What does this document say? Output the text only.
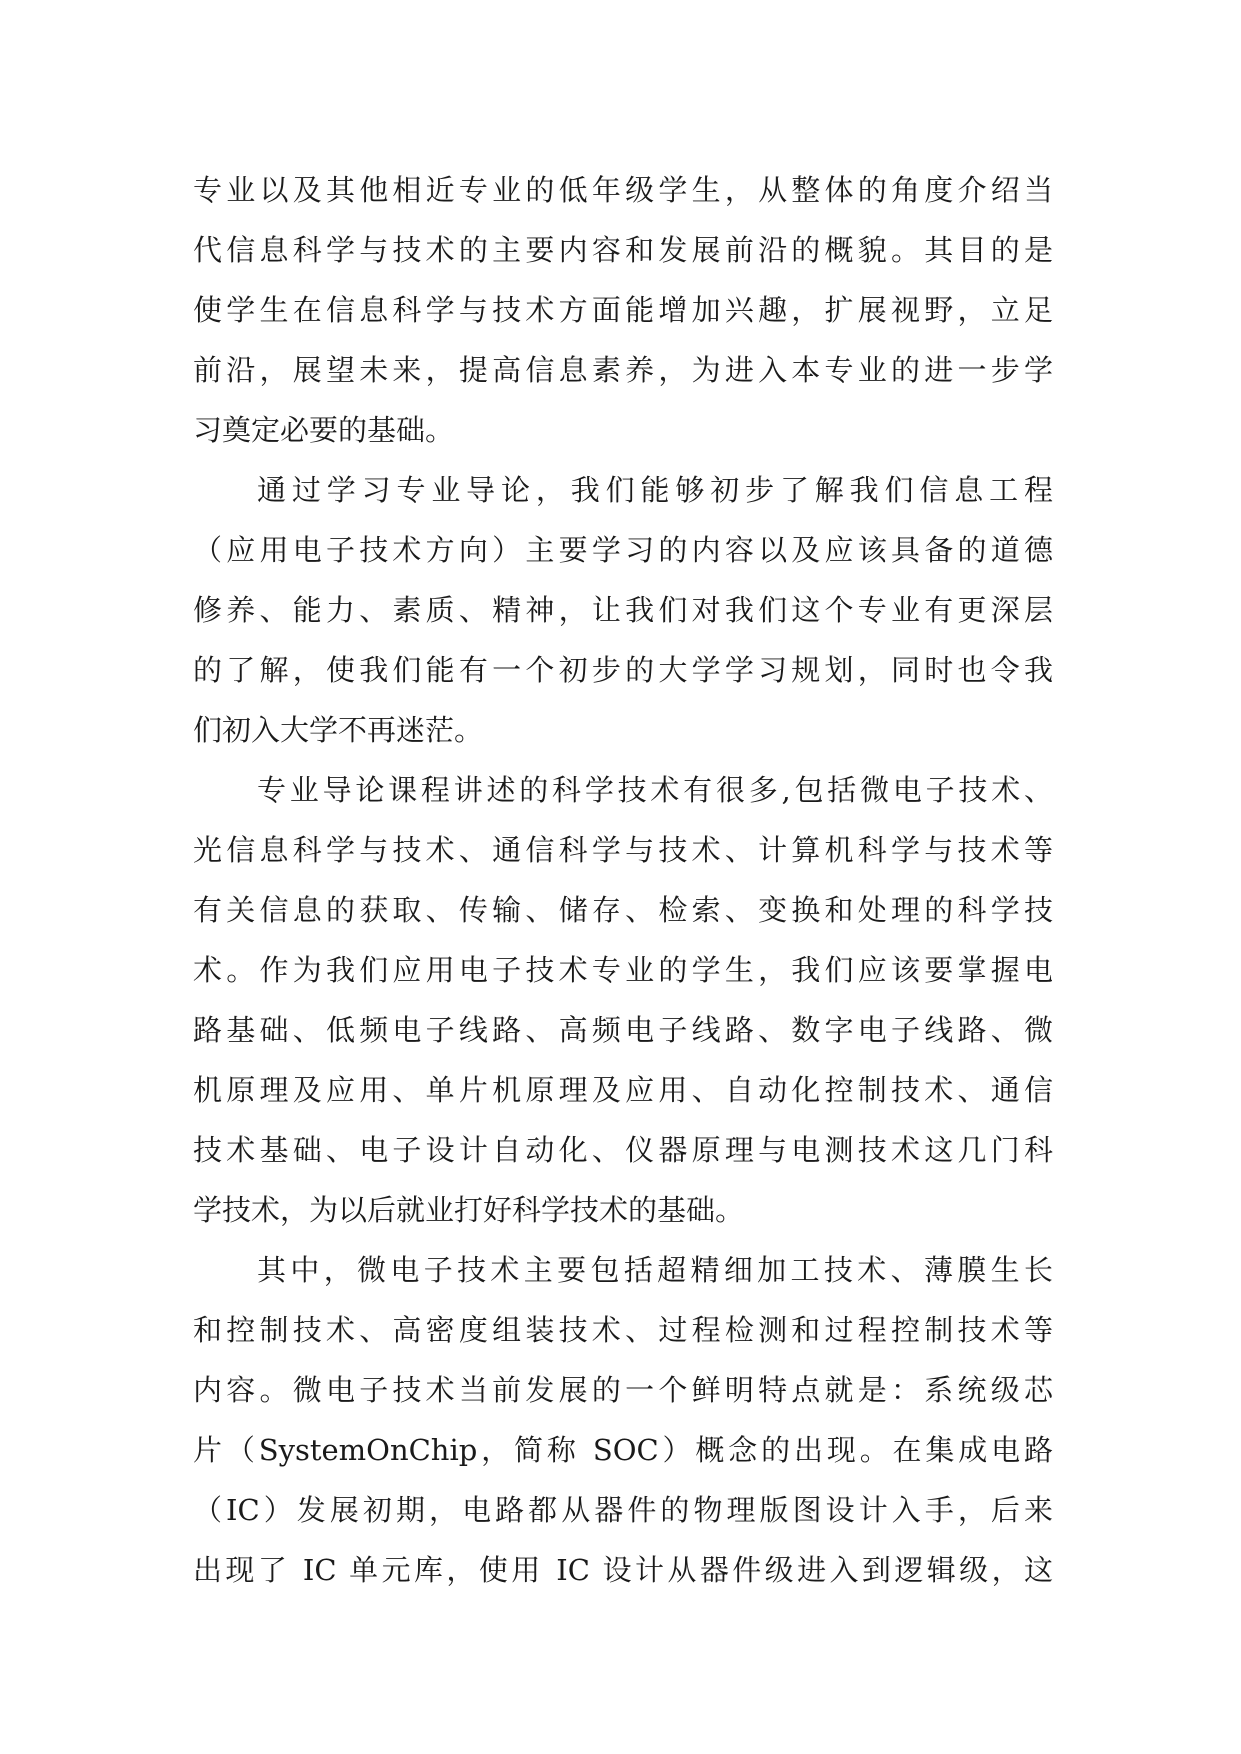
专业以及其他相近专业的低年级学生，从整体的角度介绍当
代信息科学与技术的主要内容和发展前沿的概貌。其目的是
使学生在信息科学与技术方面能增加兴趣，扩展视野，立足
前沿，展望未来，提高信息素养，为进入本专业的进一步学
习奠定必要的基础。
通过学习专业导论，我们能够初步了解我们信息工程
（应用电子技术方向）主要学习的内容以及应该具备的道德
修养、能力、素质、精神，让我们对我们这个专业有更深层
的了解，使我们能有一个初步的大学学习规划，同时也令我
们初入大学不再迷茫。
专业导论课程讲述的科学技术有很多,包括微电子技术、
光信息科学与技术、通信科学与技术、计算机科学与技术等
有关信息的获取、传输、储存、检索、变换和处理的科学技
术。作为我们应用电子技术专业的学生，我们应该要掌握电
路基础、低频电子线路、高频电子线路、数字电子线路、微
机原理及应用、单片机原理及应用、自动化控制技术、通信
技术基础、电子设计自动化、仪器原理与电测技术这几门科
学技术，为以后就业打好科学技术的基础。
其中，微电子技术主要包括超精细加工技术、薄膜生长
和控制技术、高密度组装技术、过程检测和过程控制技术等
内容。微电子技术当前发展的一个鲜明特点就是：系统级芯
片（SystemOnChip，简称 SOC）概念的出现。在集成电路
（IC）发展初期，电路都从器件的物理版图设计入手，后来
出现了 IC 单元库，使用 IC 设计从器件级进入到逻辑级，这
